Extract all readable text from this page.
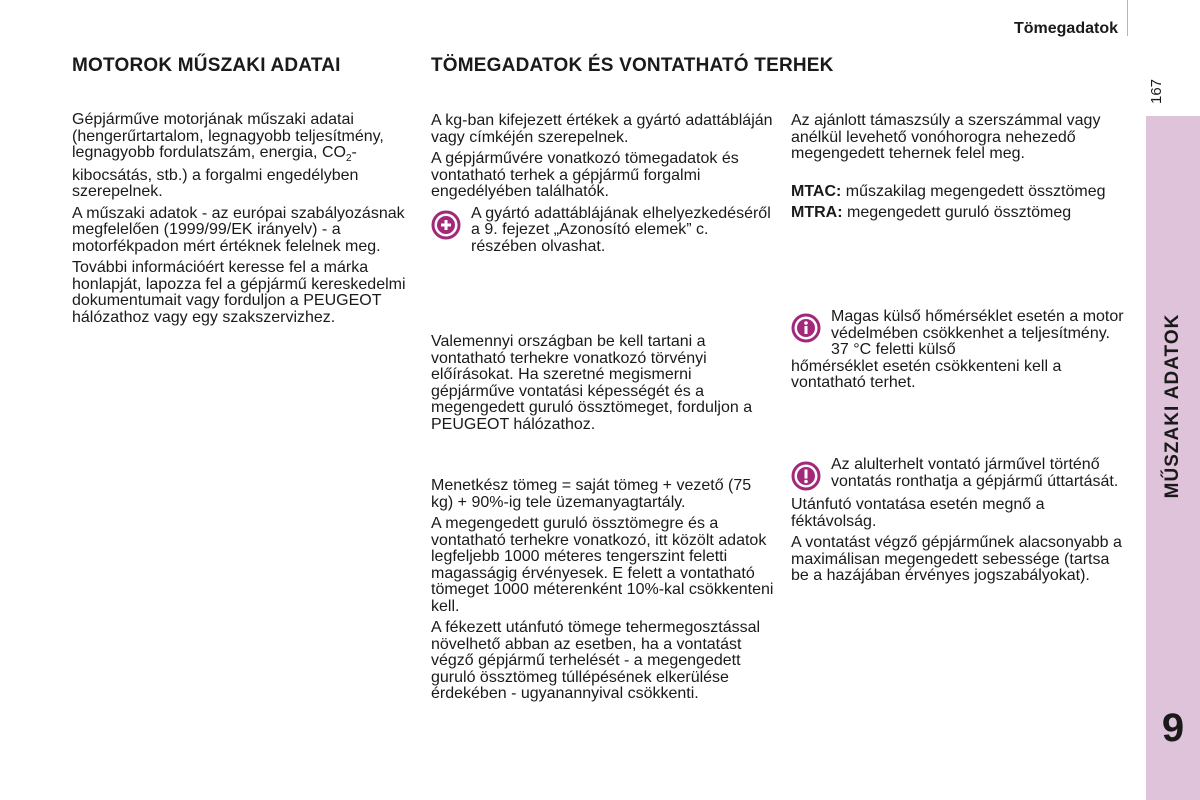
Tömegadatok
167
MŰSZAKI ADATOK
9
MOTOROK MŰSZAKI ADATAI

Gépjárműve motorjának műszaki adatai (hengerűrtartalom, legnagyobb teljesítmény, legnagyobb fordulatszám, energia, $CO_2$-kibocsátás, stb.) a forgalmi engedélyben szerepelnek.

A műszaki adatok - az európai szabályozásnak megfelelően (1999/99/EK irányelv) - a motorfékpadon mért értéknek felelnek meg.

További információért keresse fel a márka honlapját, lapozza fel a gépjármű kereskedelmi dokumentumait vagy forduljon a PEUGEOT hálózathoz vagy egy szakszervizhez.

TÖMEGADATOK ÉS VONTATHATÓ TERHEK

A kg-ban kifejezett értékek a gyártó adattábláján vagy címkéjén szerepelnek.

A gépjárművére vonatkozó tömegadatok és vontatható terhek a gépjármű forgalmi engedélyében találhatók.

A gyártó adattáblájának elhelyezkedéséről a 9. fejezet „Azonosító elemek” c. részében olvashat.

Valemennyi országban be kell tartani a vontatható terhekre vonatkozó törvényi előírásokat. Ha szeretné megismerni gépjárműve vontatási képességét és a megengedett guruló össztömeget, forduljon a PEUGEOT hálózathoz.

Menetkész tömeg = saját tömeg + vezető (75 kg) + 90%-ig tele üzemanyagtartály.

A megengedett guruló össztömegre és a vontatható terhekre vonatkozó, itt közölt adatok legfeljebb 1000 méteres tengerszint feletti magasságig érvényesek. E felett a vontatható tömeget 1000 méterenként 10%-kal csökkenteni kell.

A fékezett utánfutó tömege tehermegosztással növelhető abban az esetben, ha a vontatást végző gépjármű terhelését - a megengedett guruló össztömeg túllépésének elkerülése érdekében - ugyanannyival csökkenti.

Az ajánlott támaszsúly a szerszámmal vagy anélkül levehető vonóhorogra nehezedő megengedett tehernek felel meg.

MTAC: műszakilag megengedett össztömeg

MTRA: megengedett guruló össztömeg

Magas külső hőmérséklet esetén a motor védelmében csökkenhet a teljesítmény. 37 °C feletti külső

hőmérséklet esetén csökkenteni kell a vontatható terhet.

Az alulterhelt vontató járművel történő vontatás ronthatja a gépjármű úttartását.

Utánfutó vontatása esetén megnő a féktávolság.

A vontatást végző gépjárműnek alacsonyabb a maximálisan megengedett sebessége (tartsa be a hazájában érvényes jogszabályokat).
